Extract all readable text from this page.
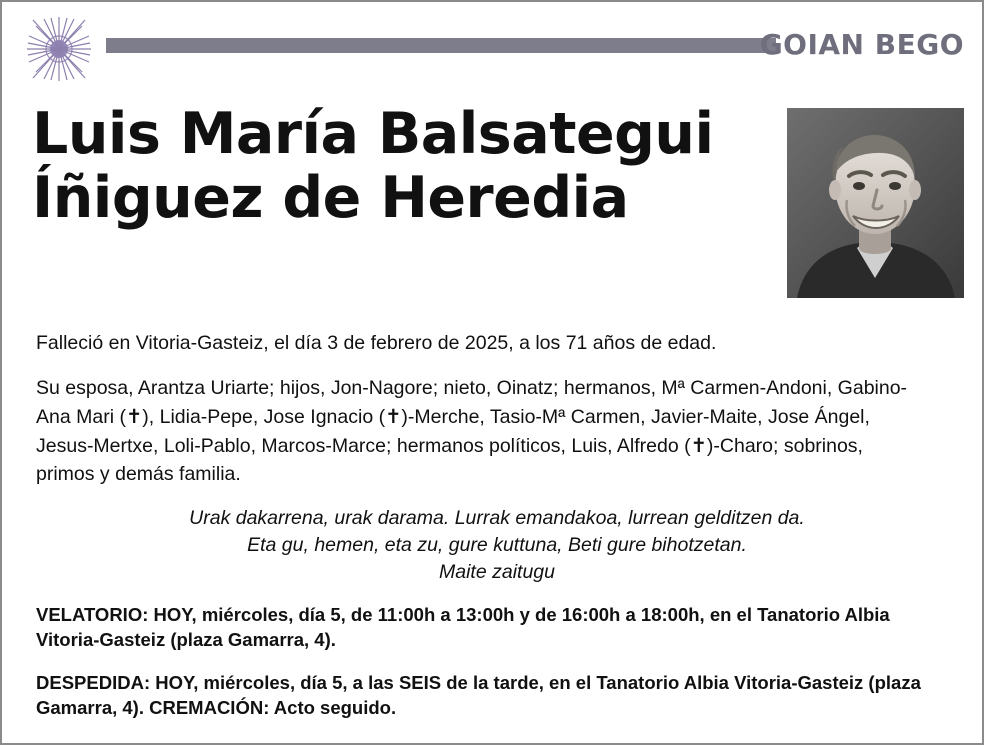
GOIAN BEGO
Luis María Balsategui
Íñiguez de Heredia

Falleció en Vitoria-Gasteiz, el día 3 de febrero de 2025, a los 71 años de edad.

Su esposa, Arantza Uriarte; hijos, Jon-Nagore; nieto, Oinatz; hermanos, Mª Carmen-Andoni, Gabino-Ana Mari (✝), Lidia-Pepe, Jose Ignacio (✝)-Merche, Tasio-Mª Carmen, Javier-Maite, Jose Ángel, Jesus-Mertxe, Loli-Pablo, Marcos-Marce; hermanos políticos, Luis, Alfredo (✝)-Charo; sobrinos, primos y demás familia.

Urak dakarrena, urak darama. Lurrak emandakoa, lurrean gelditzen da.
Eta gu, hemen, eta zu, gure kuttuna, Beti gure bihotzetan.
Maite zaitugu

VELATORIO: HOY, miércoles, día 5, de 11:00h a 13:00h y de 16:00h a 18:00h, en el Tanatorio Albia Vitoria-Gasteiz (plaza Gamarra, 4).

DESPEDIDA: HOY, miércoles, día 5, a las SEIS de la tarde, en el Tanatorio Albia Vitoria-Gasteiz (plaza Gamarra, 4). CREMACIÓN: Acto seguido.
